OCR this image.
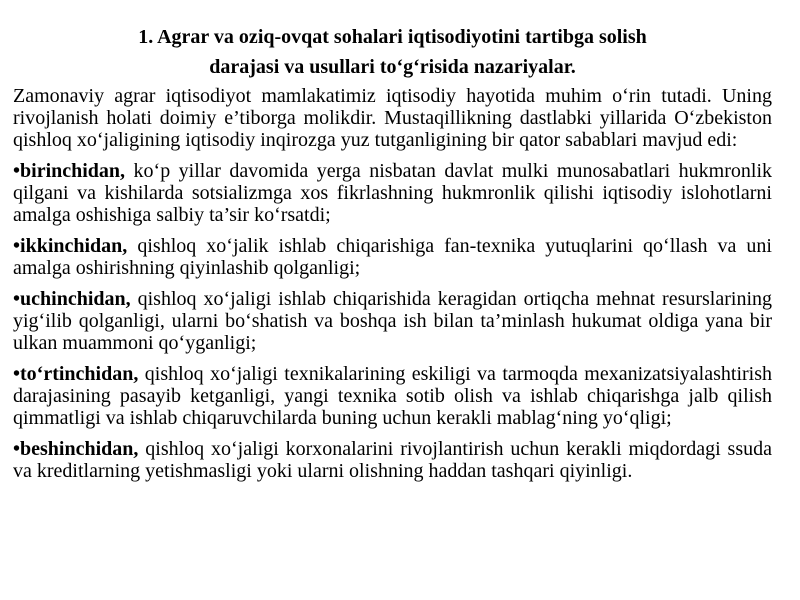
1. Agrar va oziq-ovqat sohalari iqtisodiyotini tartibga solish
darajasi va usullari to‘g‘risida nazariyalar.

Zamonaviy agrar iqtisodiyot mamlakatimiz iqtisodiy hayotida muhim o‘rin tutadi. Uning rivojlanish holati doimiy e’tiborga molikdir. Mustaqillikning dastlabki yillarida O‘zbekiston qishloq xo‘jaligining iqtisodiy inqirozga yuz tutganligining bir qator sabablari mavjud edi:

•birinchidan, ko‘p yillar davomida yerga nisbatan davlat mulki munosabatlari hukmronlik qilgani va kishilarda sotsializmga xos fikrlashning hukmronlik qilishi iqtisodiy islohotlarni amalga oshishiga salbiy ta’sir ko‘rsatdi;

•ikkinchidan, qishloq xo‘jalik ishlab chiqarishiga fan-texnika yutuqlarini qo‘llash va uni amalga oshirishning qiyinlashib qolganligi;

•uchinchidan, qishloq xo‘jaligi ishlab chiqarishida keragidan ortiqcha mehnat resurslarining yig‘ilib qolganligi, ularni bo‘shatish va boshqa ish bilan ta’minlash hukumat oldiga yana bir ulkan muammoni qo‘yganligi;

•to‘rtinchidan, qishloq xo‘jaligi texnikalarining eskiligi va tarmoqda mexanizatsiyalashtirish darajasining pasayib ketganligi, yangi texnika sotib olish va ishlab chiqarishga jalb qilish qimmatligi va ishlab chiqaruvchilarda buning uchun kerakli mablag‘ning yo‘qligi;

•beshinchidan, qishloq xo‘jaligi korxonalarini rivojlantirish uchun kerakli miqdordagi ssuda va kreditlarning yetishmasligi yoki ularni olishning haddan tashqari qiyinligi.
